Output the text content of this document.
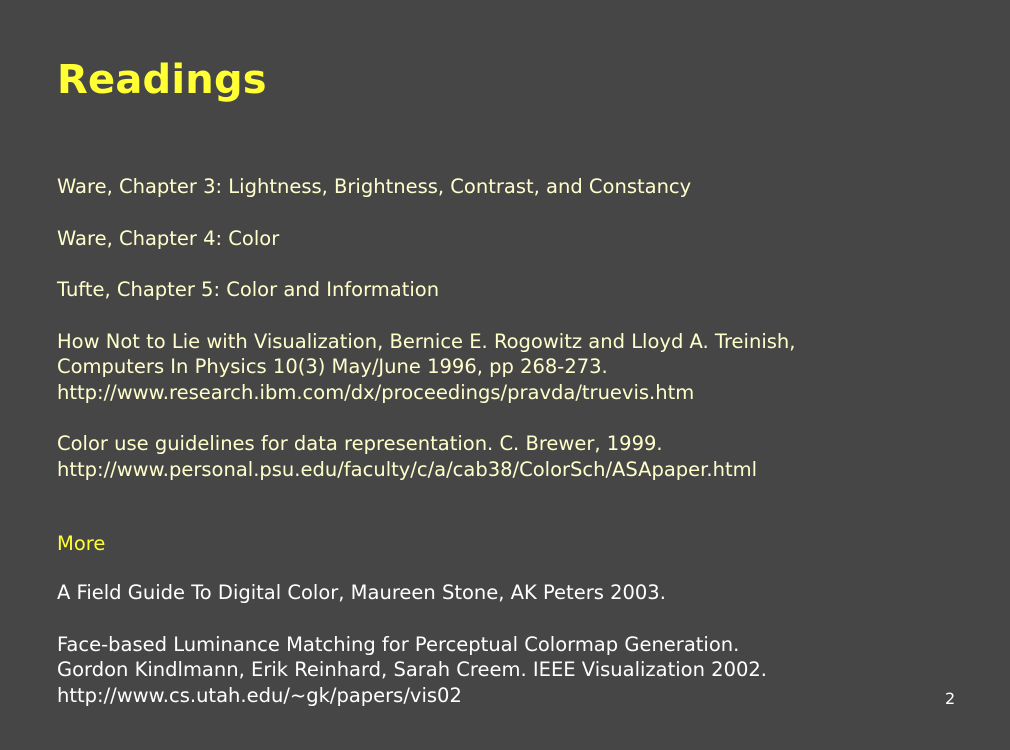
Readings

Ware, Chapter 3: Lightness, Brightness, Contrast, and Constancy

Ware, Chapter 4: Color

Tufte, Chapter 5: Color and Information

How Not to Lie with Visualization, Bernice E. Rogowitz and Lloyd A. Treinish,
Computers In Physics 10(3) May/June 1996, pp 268-273.
http://www.research.ibm.com/dx/proceedings/pravda/truevis.htm

Color use guidelines for data representation. C. Brewer, 1999.
http://www.personal.psu.edu/faculty/c/a/cab38/ColorSch/ASApaper.html

More

A Field Guide To Digital Color, Maureen Stone, AK Peters 2003.

Face-based Luminance Matching for Perceptual Colormap Generation.
Gordon Kindlmann, Erik Reinhard, Sarah Creem. IEEE Visualization 2002.
http://www.cs.utah.edu/~gk/papers/vis02	2
